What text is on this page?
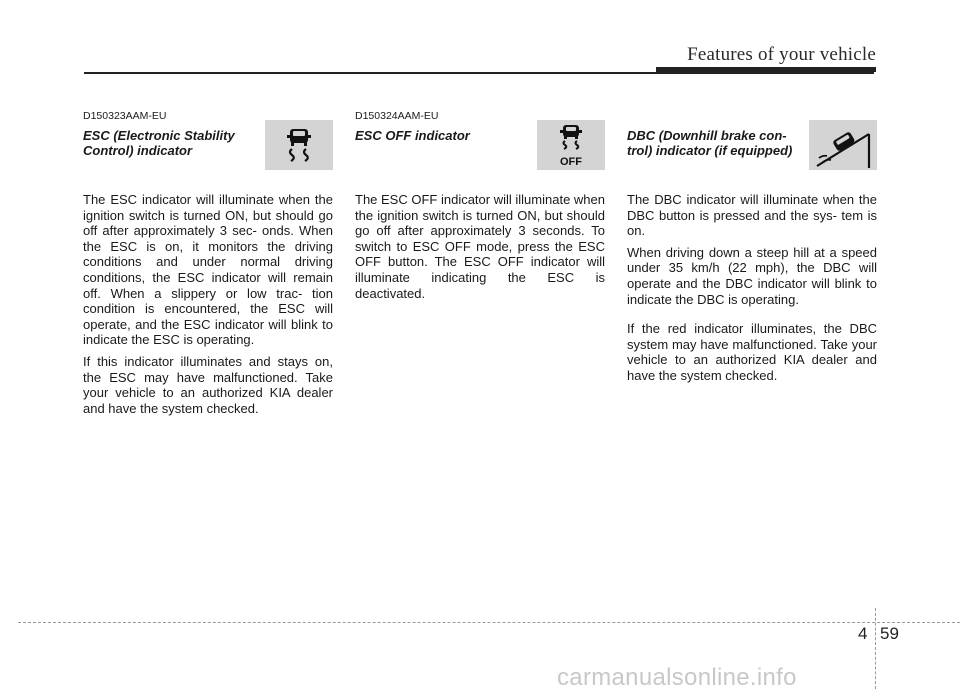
Features of your vehicle

D150323AAM-EU

ESC (Electronic Stability
Control) indicator

The ESC indicator will illuminate when the ignition switch is turned ON, but should go off after approximately 3 sec- onds. When the ESC is on, it monitors the driving conditions and under normal driving conditions, the ESC indicator will remain off. When a slippery or low trac- tion condition is encountered, the ESC will operate, and the ESC indicator will blink to indicate the ESC is operating.

If this indicator illuminates and stays on, the ESC may have malfunctioned. Take your vehicle to an authorized KIA dealer and have the system checked.

D150324AAM-EU

ESC OFF indicator

OFF

The ESC OFF indicator will illuminate when the ignition switch is turned ON, but should go off after approximately 3 seconds. To switch to ESC OFF mode, press the ESC OFF button. The ESC OFF indicator will illuminate indicating the ESC is deactivated.

DBC (Downhill brake con-
trol) indicator (if equipped)

The DBC indicator will illuminate when the DBC button is pressed and the sys- tem is on.

When driving down a steep hill at a speed under 35 km/h (22 mph), the DBC will operate and the DBC indicator will blink to indicate the DBC is operating.

If the red indicator illuminates, the DBC system may have malfunctioned. Take your vehicle to an authorized KIA dealer and have the system checked.

4 59
carmanualsonline.info
